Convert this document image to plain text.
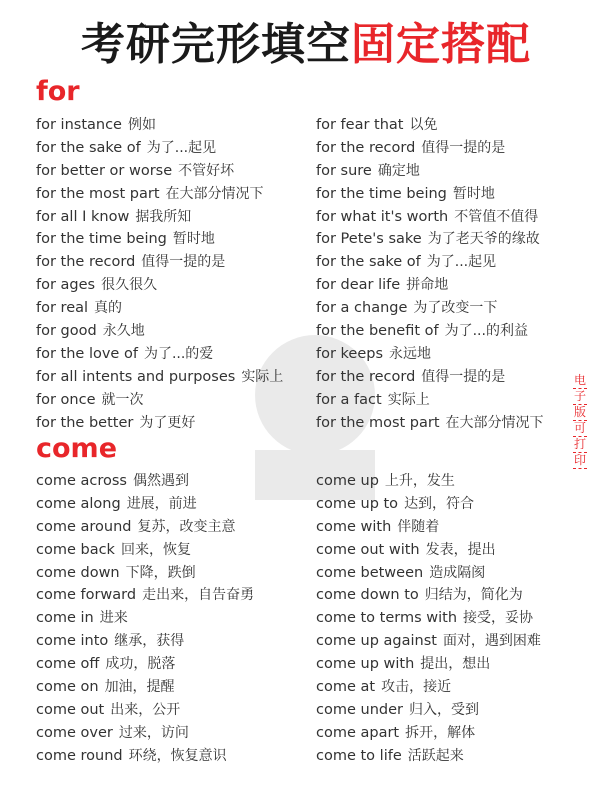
考研完形填空固定搭配
for
for instance 例如
for the sake of 为了...起见
for better or worse 不管好坏
for the most part 在大部分情况下
for all I know 据我所知
for the time being 暂时地
for the record 值得一提的是
for ages 很久很久
for real 真的
for good 永久地
for the love of 为了...的爱
for all intents and purposes 实际上
for once 就一次
for the better 为了更好
for fear that 以免
for the record 值得一提的是
for sure 确定地
for the time being 暂时地
for what it's worth 不管值不值得
for Pete's sake 为了老天爷的缘故
for the sake of 为了...起见
for dear life 拼命地
for a change 为了改变一下
for the benefit of 为了...的利益
for keeps 永远地
for the record 值得一提的是
for a fact 实际上
for the most part 在大部分情况下
come
come across 偶然遇到
come along 进展，前进
come around 复苏，改变主意
come back 回来，恢复
come down 下降，跌倒
come forward 走出来，自告奋勇
come in 进来
come into 继承，获得
come off 成功，脱落
come on 加油，提醒
come out 出来，公开
come over 过来，访问
come round 环绕，恢复意识
come up 上升，发生
come up to 达到，符合
come with 伴随着
come out with 发表，提出
come between 造成隔阂
come down to 归结为，简化为
come to terms with 接受，妥协
come up against 面对，遇到困难
come up with 提出，想出
come at 攻击，接近
come under 归入，受到
come apart 拆开，解体
come to life 活跃起来
电
子
版
可
打
印
